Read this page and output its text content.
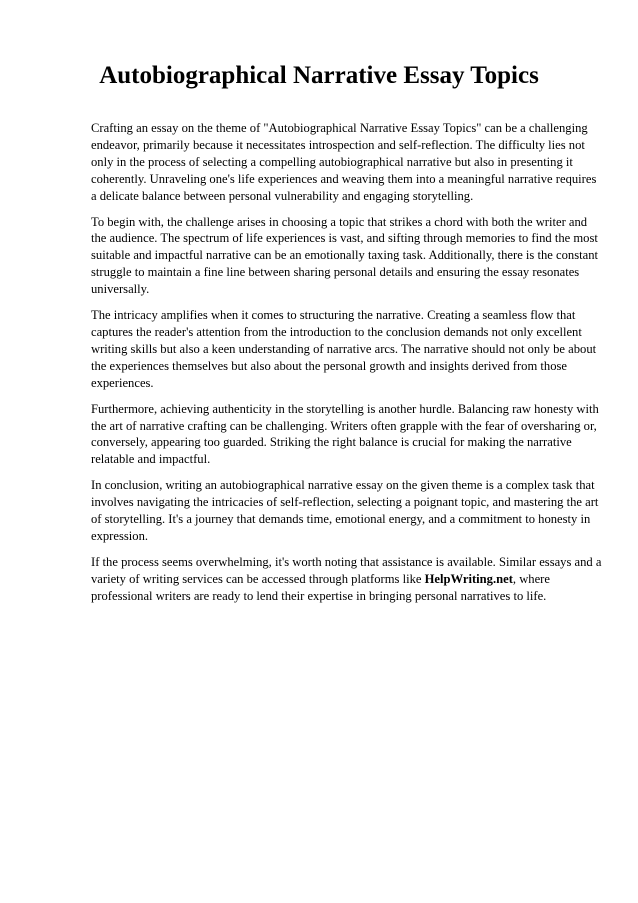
Autobiographical Narrative Essay Topics

Crafting an essay on the theme of "Autobiographical Narrative Essay Topics" can be a challenging endeavor, primarily because it necessitates introspection and self-reflection. The difficulty lies not only in the process of selecting a compelling autobiographical narrative but also in presenting it coherently. Unraveling one's life experiences and weaving them into a meaningful narrative requires a delicate balance between personal vulnerability and engaging storytelling.

To begin with, the challenge arises in choosing a topic that strikes a chord with both the writer and the audience. The spectrum of life experiences is vast, and sifting through memories to find the most suitable and impactful narrative can be an emotionally taxing task. Additionally, there is the constant struggle to maintain a fine line between sharing personal details and ensuring the essay resonates universally.

The intricacy amplifies when it comes to structuring the narrative. Creating a seamless flow that captures the reader's attention from the introduction to the conclusion demands not only excellent writing skills but also a keen understanding of narrative arcs. The narrative should not only be about the experiences themselves but also about the personal growth and insights derived from those experiences.

Furthermore, achieving authenticity in the storytelling is another hurdle. Balancing raw honesty with the art of narrative crafting can be challenging. Writers often grapple with the fear of oversharing or, conversely, appearing too guarded. Striking the right balance is crucial for making the narrative relatable and impactful.

In conclusion, writing an autobiographical narrative essay on the given theme is a complex task that involves navigating the intricacies of self-reflection, selecting a poignant topic, and mastering the art of storytelling. It's a journey that demands time, emotional energy, and a commitment to honesty in expression.

If the process seems overwhelming, it's worth noting that assistance is available. Similar essays and a variety of writing services can be accessed through platforms like HelpWriting.net, where professional writers are ready to lend their expertise in bringing personal narratives to life.
